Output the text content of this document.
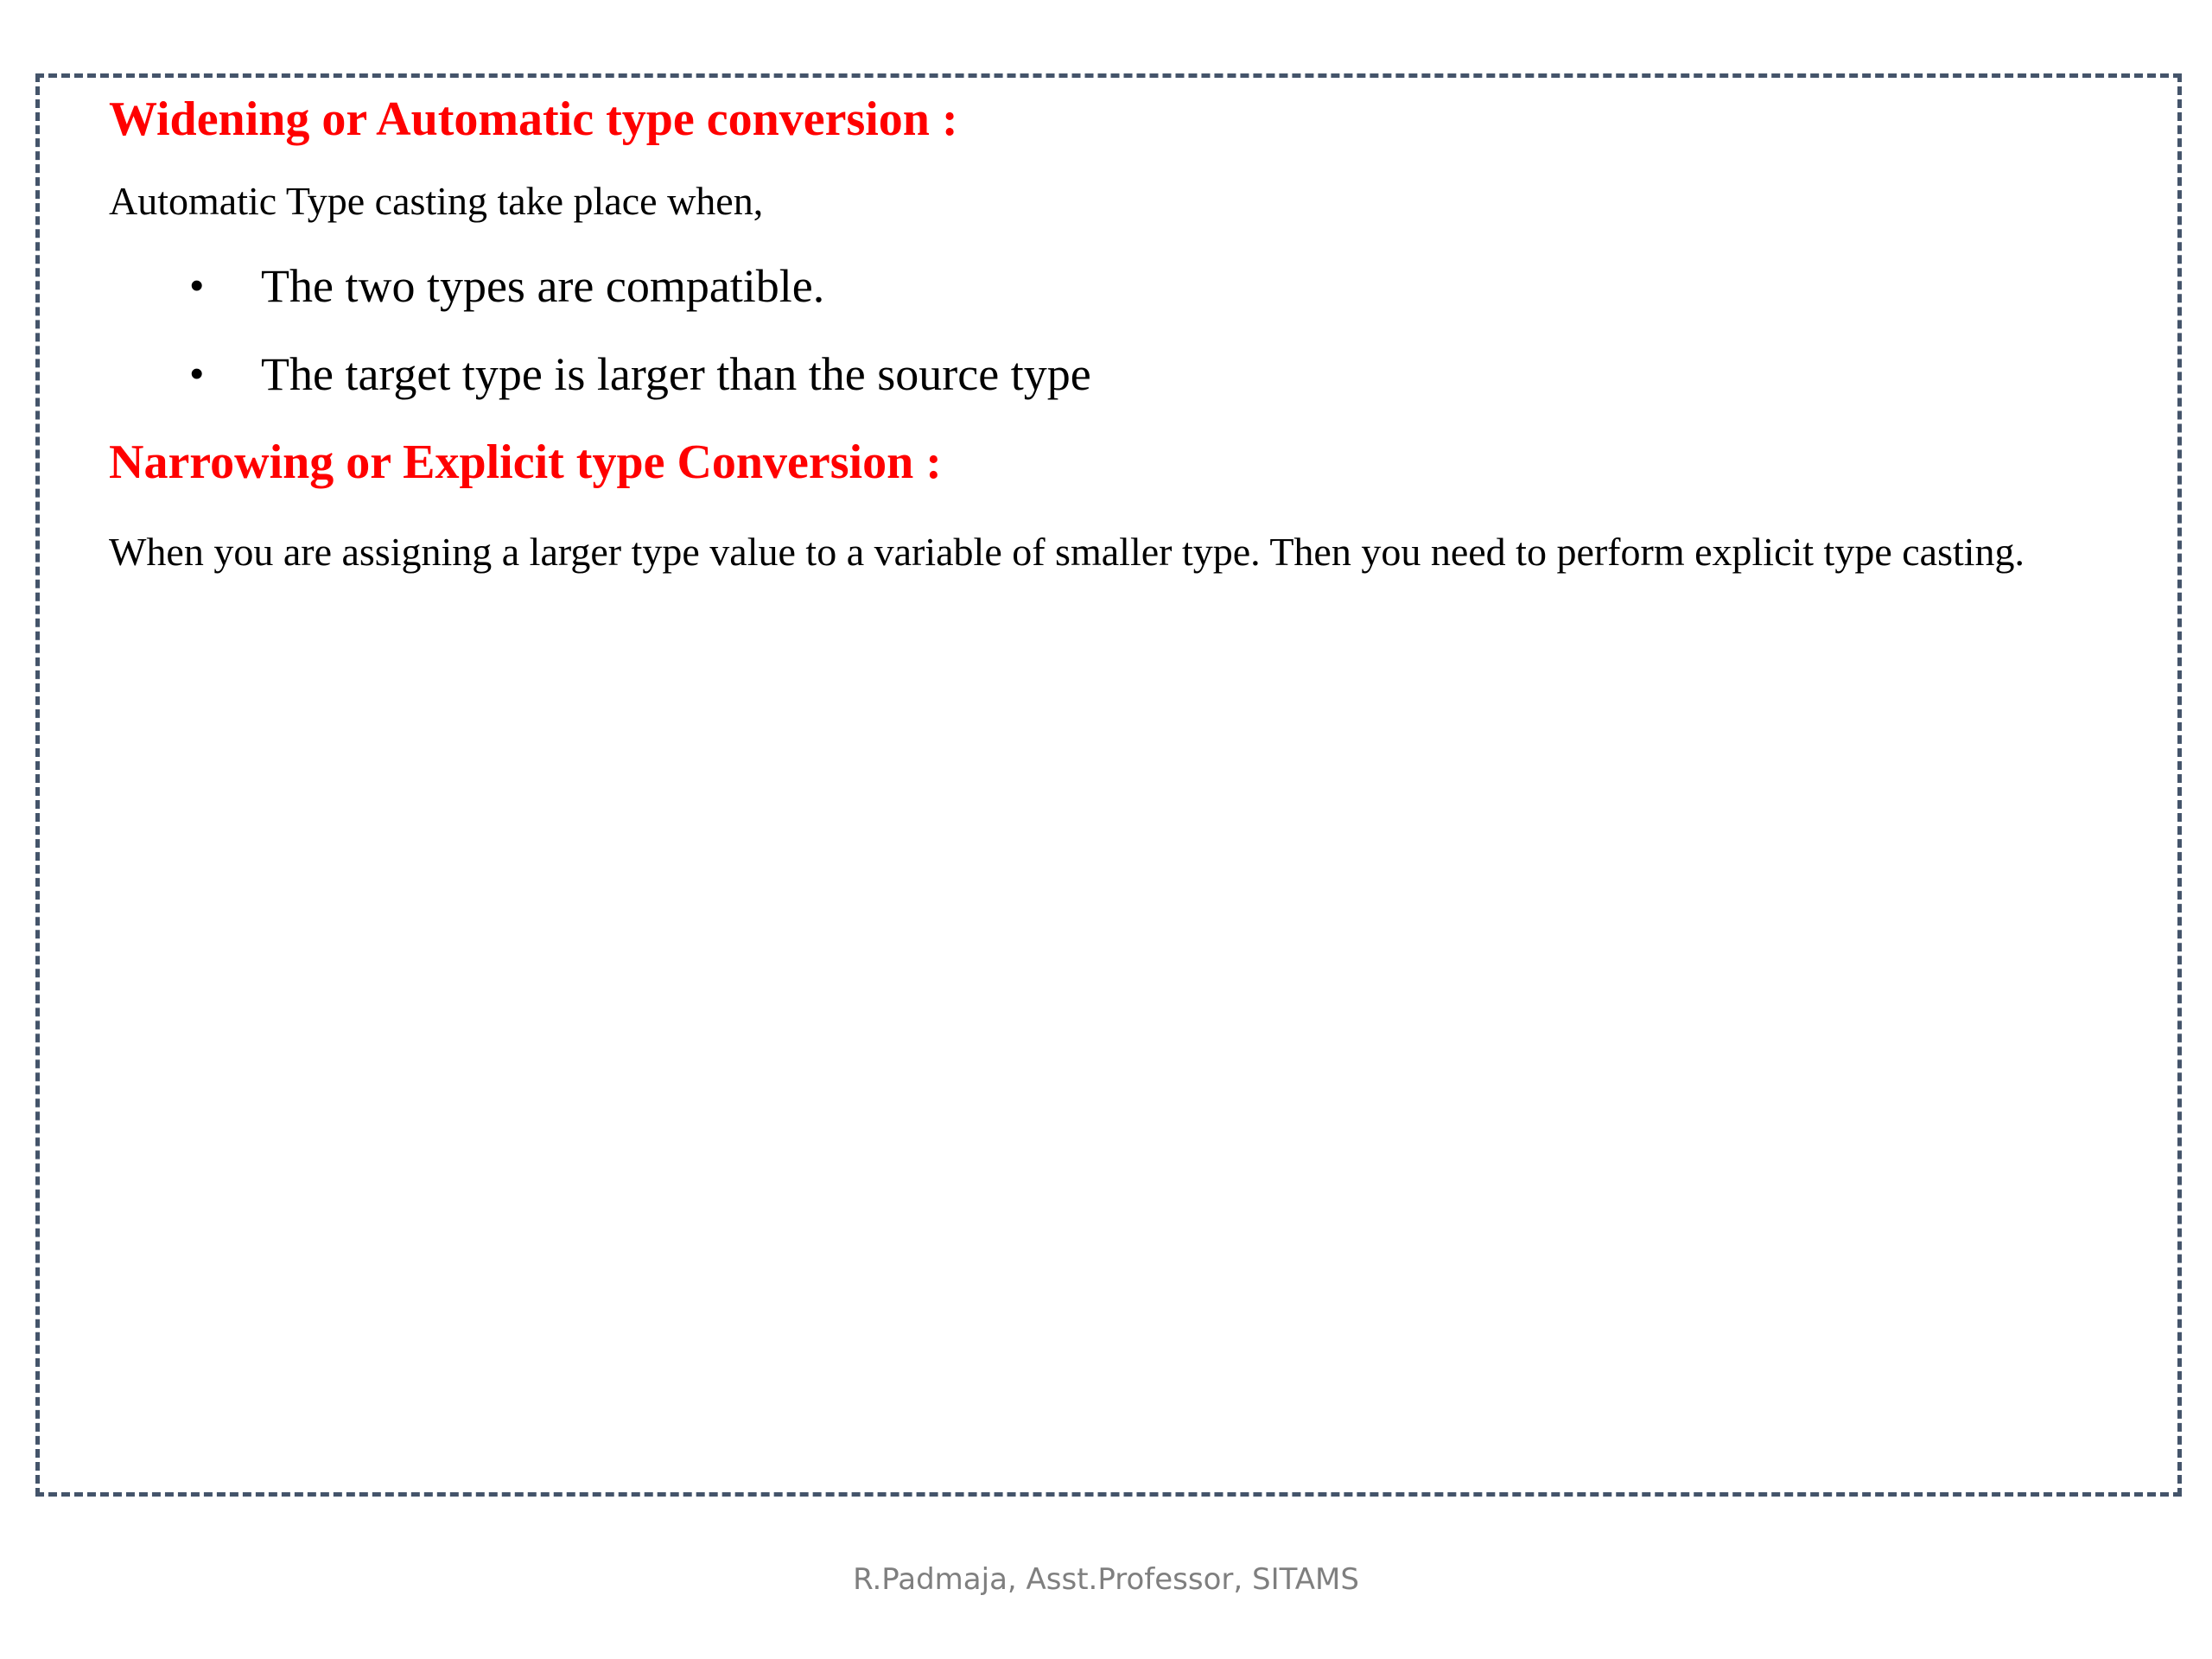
Widening or Automatic type conversion :

Automatic Type casting take place when,

• The two types are compatible.
• The target type is larger than the source type
Narrowing or Explicit type Conversion :

When you are assigning a larger type value to a variable of smaller type. Then you need to perform explicit type casting.

R.Padmaja, Asst.Professor, SITAMS
